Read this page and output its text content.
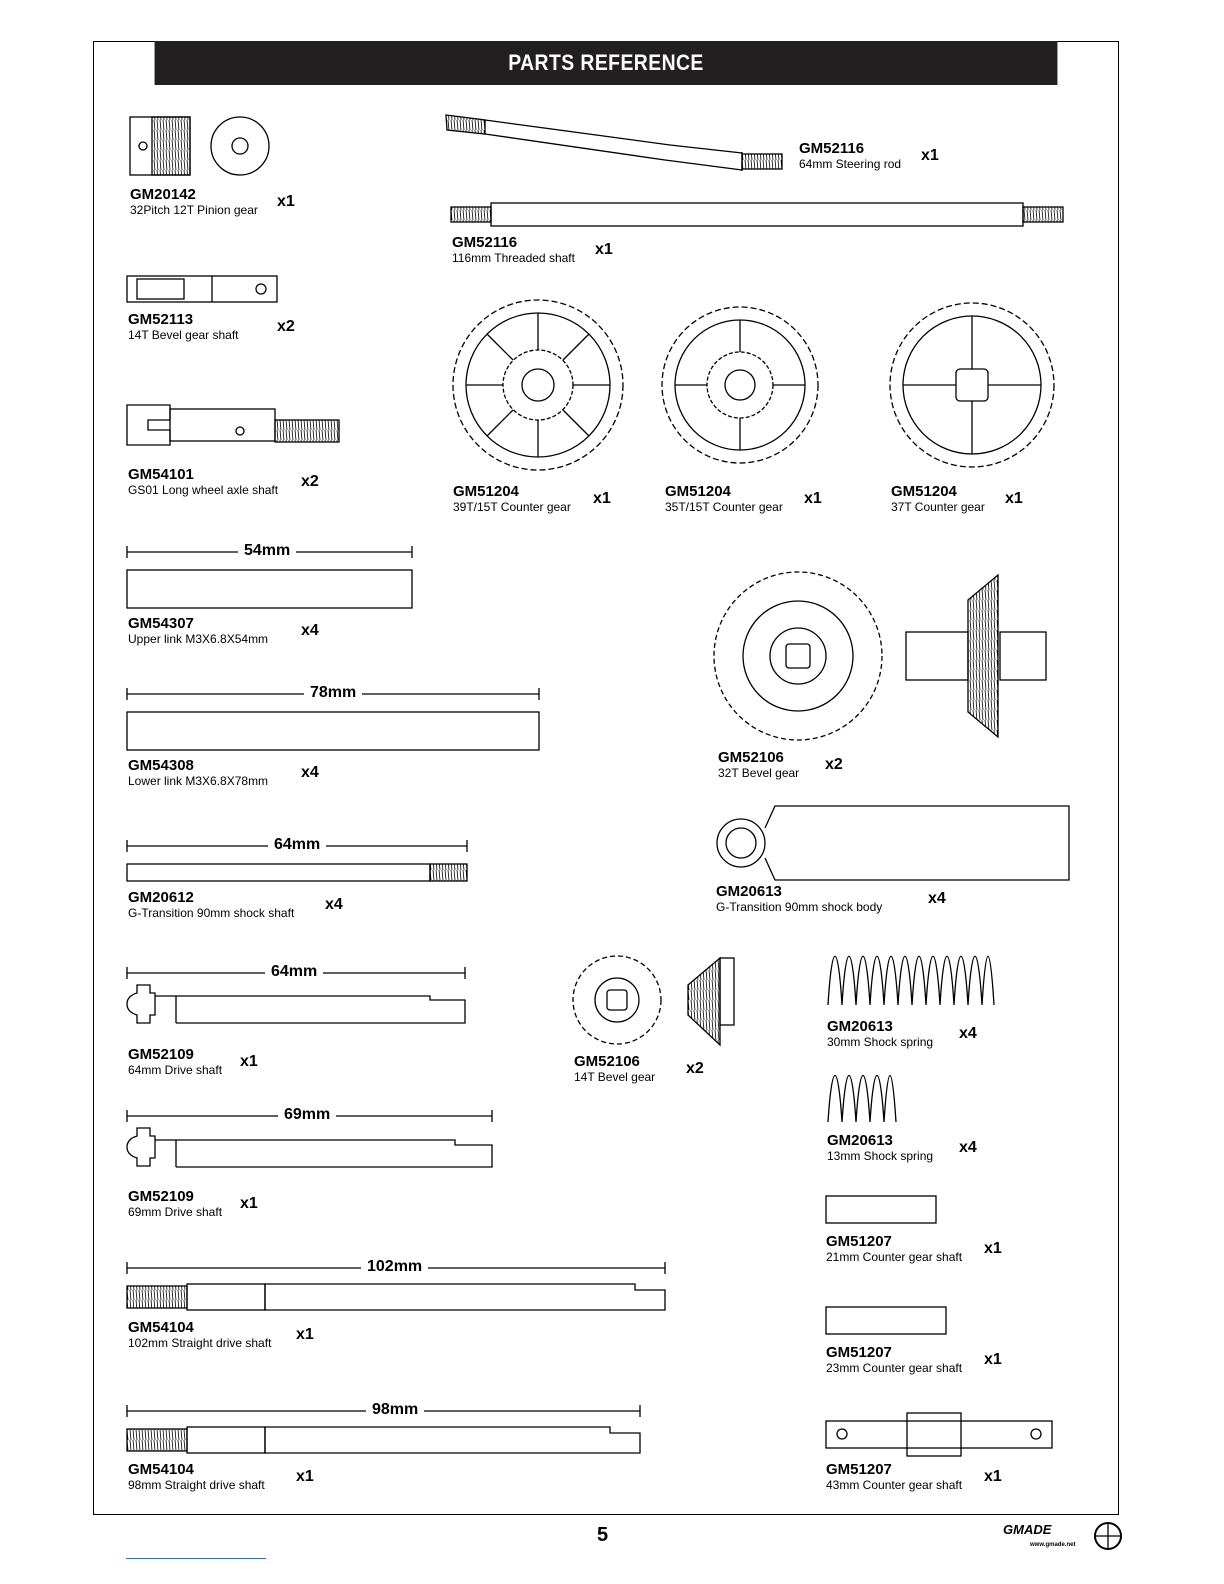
PARTS REFERENCE
54mm
78mm
64mm
64mm
69mm
102mm
98mm
GM20142
32Pitch 12T Pinion gear x1
GM52116
64mm Steering rod x1
GM52116
116mm Threaded shaft x1
GM52113
14T Bevel gear shaft x2
GM54101
GS01 Long wheel axle shaft x2
GM51204
39T/15T Counter gear x1	GM51204
35T/15T Counter gear x1	GM51204
37T Counter gear x1
GM54307
Upper link M3X6.8X54mm x4
GM54308
Lower link M3X6.8X78mm x4
GM52106
32T Bevel gear x2
GM20612
G-Transition 90mm shock shaft x4
GM20613
G-Transition 90mm shock body	x4
GM52109
64mm Drive shaft x1	GM52106
14T Bevel gear x2
GM20613
30mm Shock spring x4
GM52109
69mm Drive shaft x1
GM20613
13mm Shock spring x4
GM51207
21mm Counter gear shaft x1
GM54104
102mm Straight drive shaft x1
GM51207
23mm Counter gear shaft x1
GM54104
98mm Straight drive shaft x1	GM51207
43mm Counter gear shaft x1
5	GMADE
www.gmade.net
